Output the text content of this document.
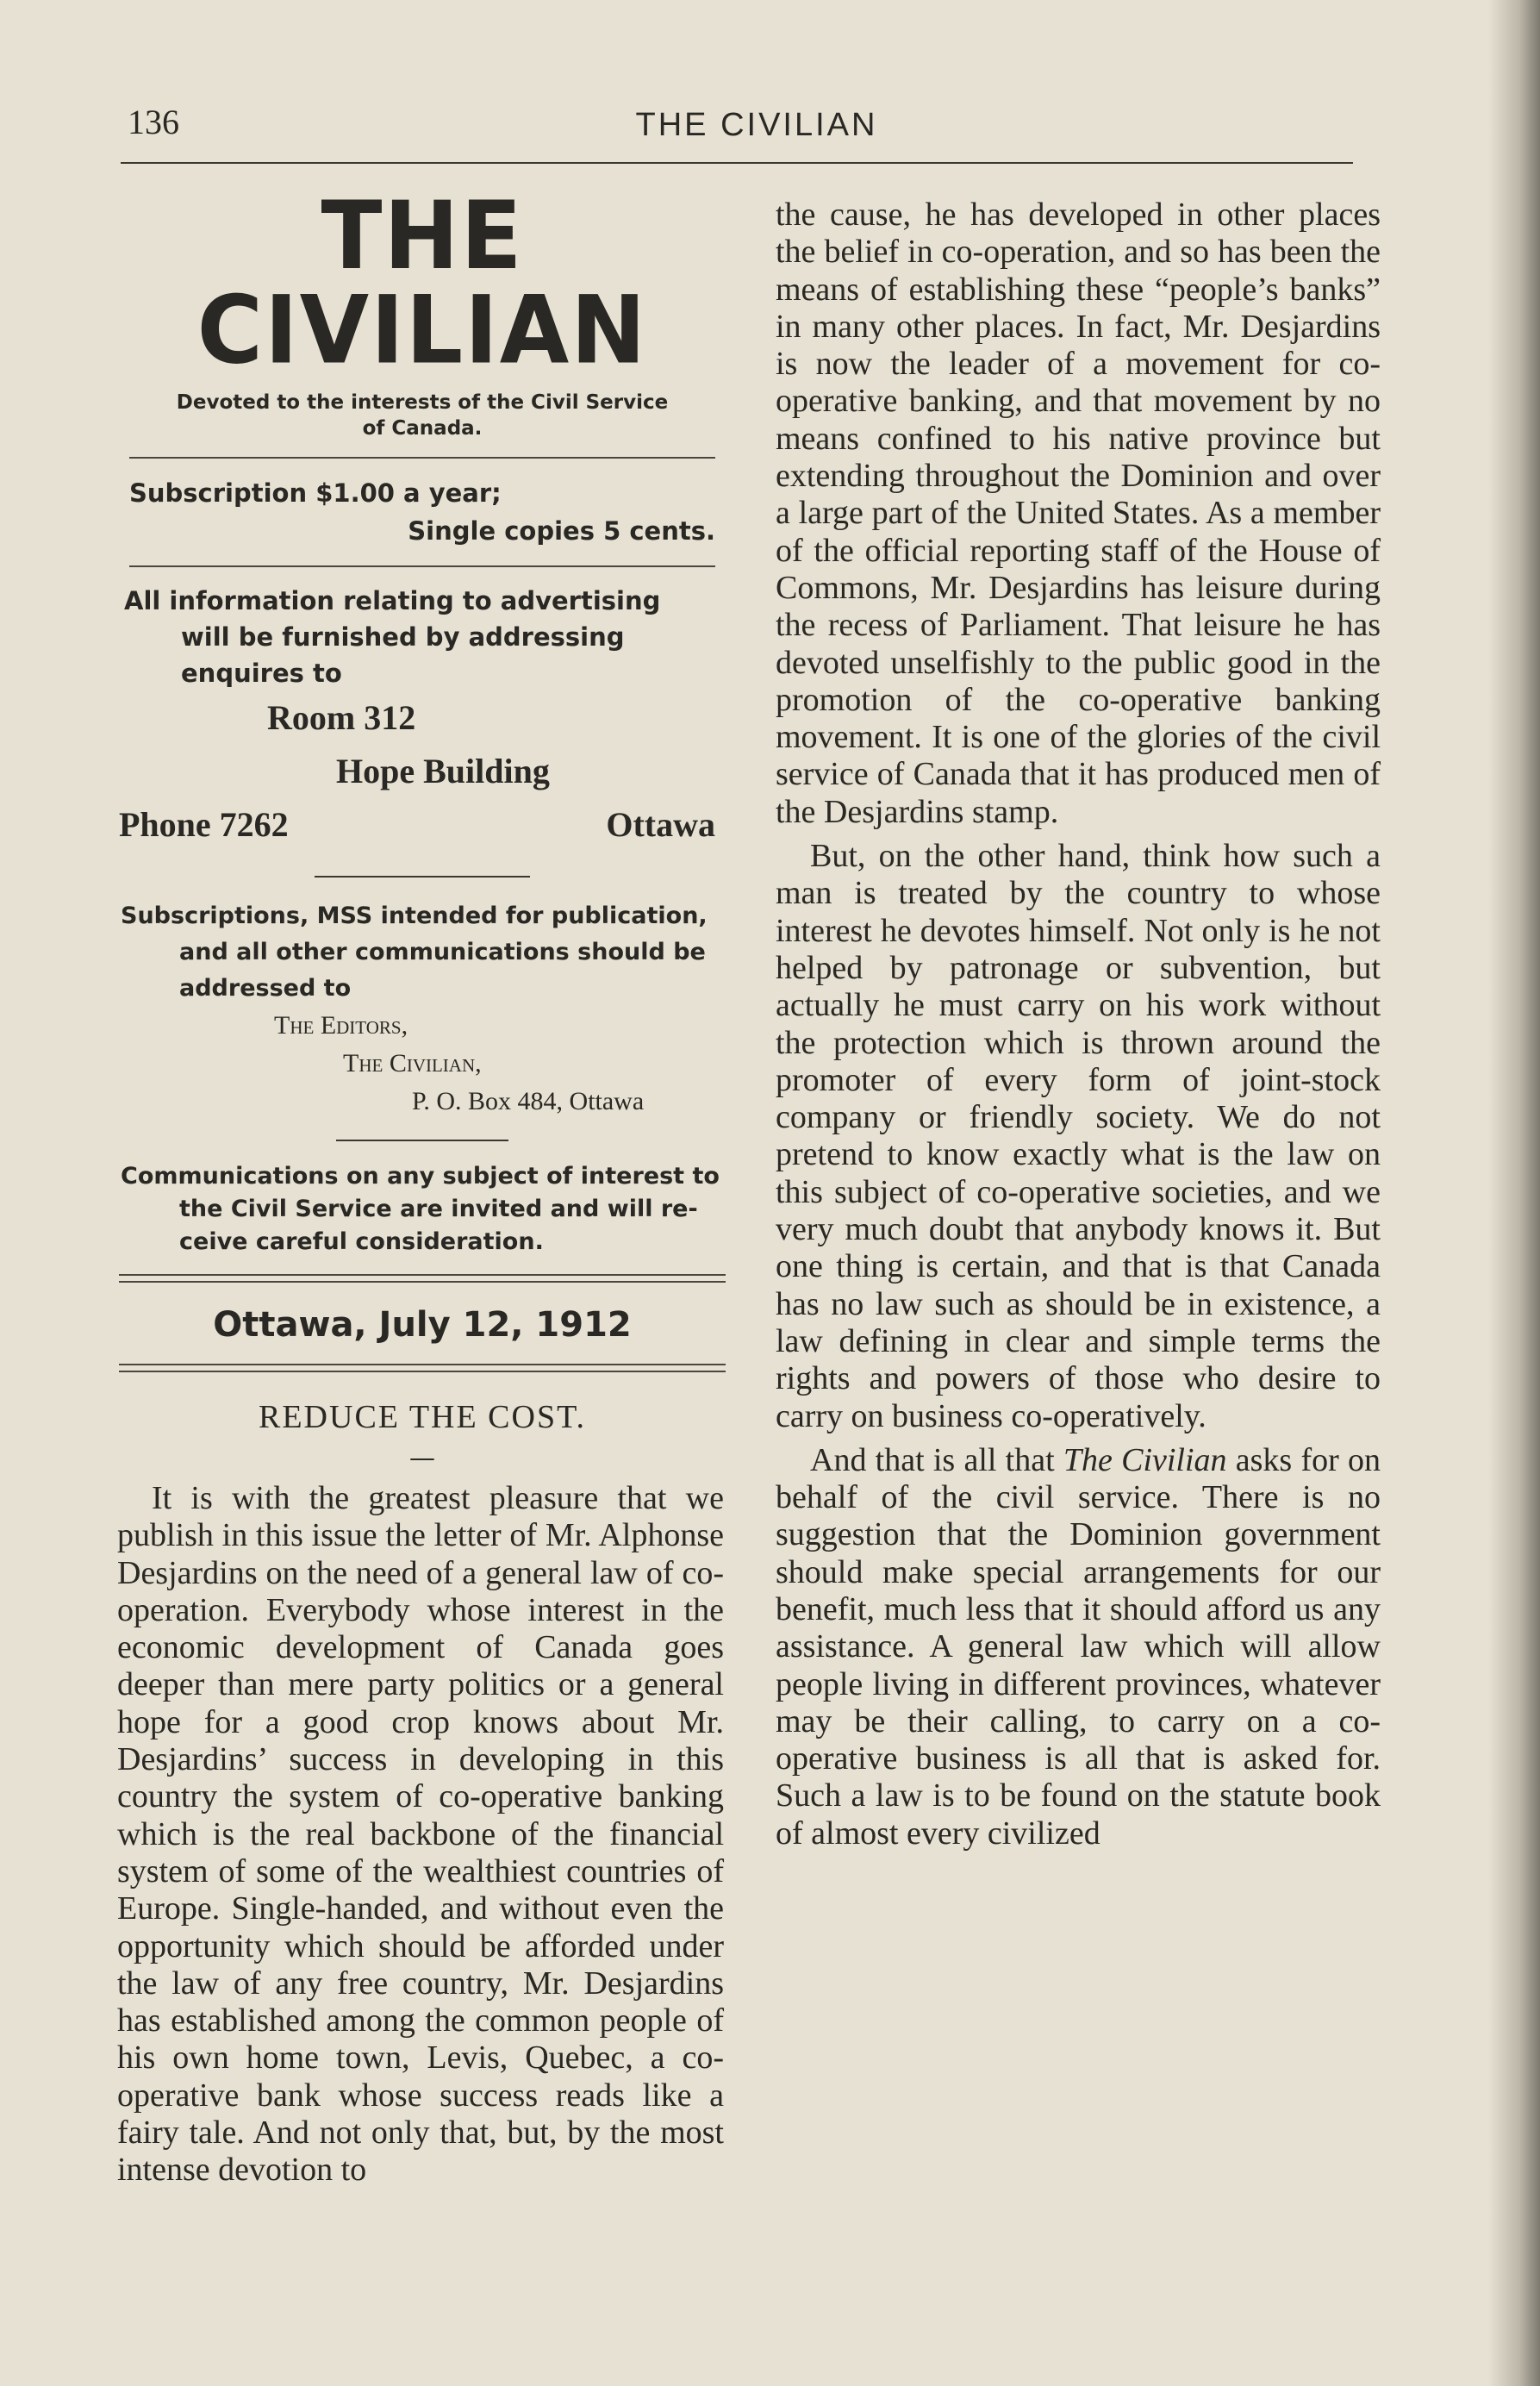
136	THE CIVILIAN
THE CIVILIAN
Devoted to the interests of the Civil Service
of Canada.
Subscription $1.00 a year;
Single copies 5 cents.
All information relating to advertising
will be furnished by addressing
enquires to
Room 312
Hope Building
Phone 7262	Ottawa
Subscriptions, MSS intended for publication,
and all other communications should be
addressed to
The Editors,
The Civilian,
P. O. Box 484, Ottawa
Communications on any subject of interest to
the Civil Service are invited and will re-
ceive careful consideration.
Ottawa, July 12, 1912
REDUCE THE COST.
—

It is with the greatest pleasure that we publish in this issue the letter of Mr. Alphonse Desjardins on the need of a general law of co-operation. Everybody whose interest in the economic development of Canada goes deeper than mere party politics or a general hope for a good crop knows about Mr. Desjardins’ success in developing in this country the system of co-operative banking which is the real backbone of the financial system of some of the wealthiest countries of Europe. Single-handed, and without even the opportunity which should be afforded under the law of any free country, Mr. Desjardins has established among the common people of his own home town, Levis, Quebec, a co-operative bank whose success reads like a fairy tale. And not only that, but, by the most intense devotion to

the cause, he has developed in other places the belief in co-operation, and so has been the means of establishing these “people’s banks” in many other places. In fact, Mr. Desjardins is now the leader of a movement for co-operative banking, and that movement by no means confined to his native province but extending throughout the Dominion and over a large part of the United States. As a member of the official reporting staff of the House of Commons, Mr. Desjardins has leisure during the recess of Parliament. That leisure he has devoted unselfishly to the public good in the promotion of the co-operative banking movement. It is one of the glories of the civil service of Canada that it has produced men of the Desjardins stamp.

But, on the other hand, think how such a man is treated by the country to whose interest he devotes himself. Not only is he not helped by patronage or subvention, but actually he must carry on his work without the protection which is thrown around the promoter of every form of joint-stock company or friendly society. We do not pretend to know exactly what is the law on this subject of co-operative societies, and we very much doubt that anybody knows it. But one thing is certain, and that is that Canada has no law such as should be in existence, a law defining in clear and simple terms the rights and powers of those who desire to carry on business co-operatively.

And that is all that The Civilian asks for on behalf of the civil service. There is no suggestion that the Dominion government should make special arrangements for our benefit, much less that it should afford us any assistance. A general law which will allow people living in different provinces, whatever may be their calling, to carry on a co-operative business is all that is asked for. Such a law is to be found on the statute book of almost every civilized
